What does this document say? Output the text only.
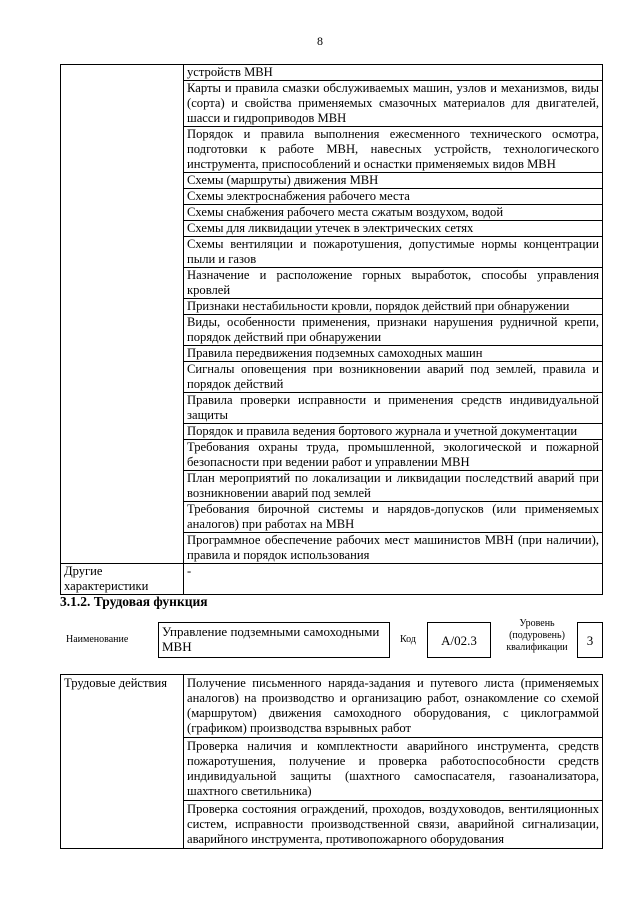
8
	устройств МВН
	Карты и правила смазки обслуживаемых машин, узлов и механизмов, виды (сорта) и свойства применяемых смазочных материалов для двигателей, шасси и гидроприводов МВН
	Порядок и правила выполнения ежесменного технического осмотра, подготовки к работе МВН, навесных устройств, технологического инструмента, приспособлений и оснастки применяемых видов МВН
	Схемы (маршруты) движения МВН
	Схемы электроснабжения рабочего места
	Схемы снабжения рабочего места сжатым воздухом, водой
	Схемы для ликвидации утечек в электрических сетях
	Схемы вентиляции и пожаротушения, допустимые нормы концентрации пыли и газов
	Назначение и расположение горных выработок, способы управления кровлей
	Признаки нестабильности кровли, порядок действий при обнаружении
	Виды, особенности применения, признаки нарушения рудничной крепи, порядок действий при обнаружении
	Правила передвижения подземных самоходных машин
	Сигналы оповещения при возникновении аварий под землей, правила и порядок действий
	Правила проверки исправности и применения средств индивидуальной защиты
	Порядок и правила ведения бортового журнала и учетной документации
	Требования охраны труда, промышленной, экологической и пожарной безопасности при ведении работ и управлении МВН
	План мероприятий по локализации и ликвидации последствий аварий при возникновении аварий под землей
	Требования бирочной системы и нарядов-допусков (или применяемых аналогов) при работах на МВН
	Программное обеспечение рабочих мест машинистов МВН (при наличии), правила и порядок использования
Другие характеристики	-
3.1.2. Трудовая функция
Наименование
Управление подземными самоходными МВН	Код	А/02.3
Уровень (подуровень) квалификации	3
Трудовые действия	Получение письменного наряда-задания и путевого листа (применяемых аналогов) на производство и организацию работ, ознакомление со схемой (маршрутом) движения самоходного оборудования, с циклограммой (графиком) производства взрывных работ
Проверка наличия и комплектности аварийного инструмента, средств пожаротушения, получение и проверка работоспособности средств индивидуальной защиты (шахтного самоспасателя, газоанализатора, шахтного светильника)
Проверка состояния ограждений, проходов, воздуховодов, вентиляционных систем, исправности производственной связи, аварийной сигнализации, аварийного инструмента, противопожарного оборудования
